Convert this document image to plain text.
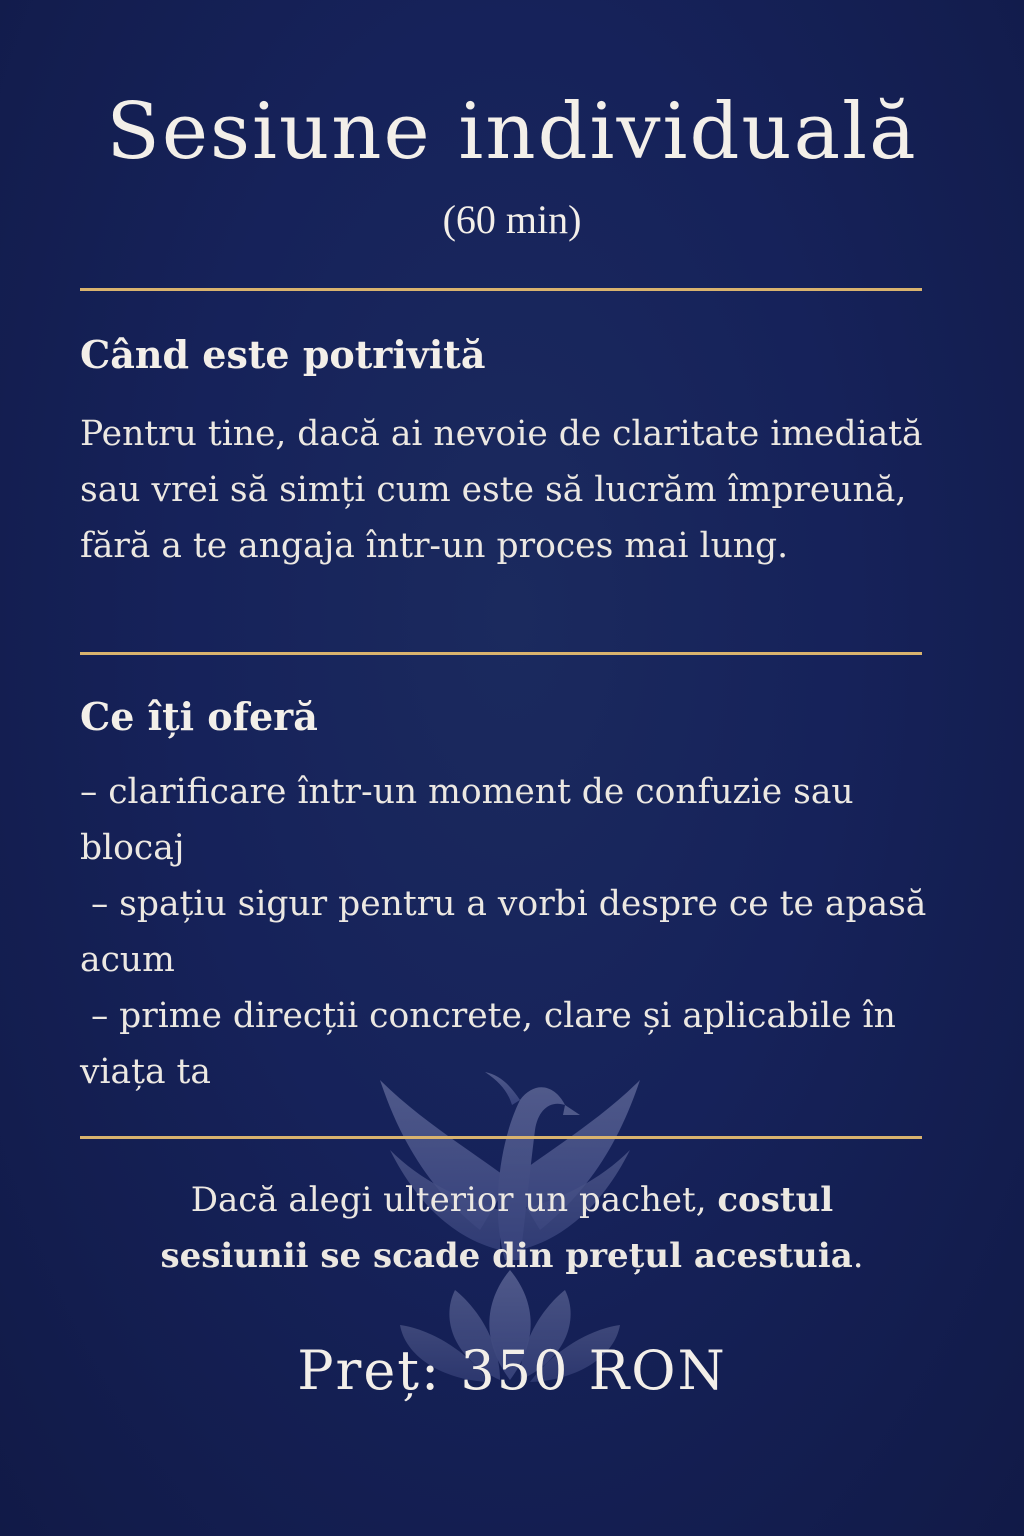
Sesiune individuală

(60 min)

Când este potrivită

Pentru tine, dacă ai nevoie de claritate imediată sau vrei să simți cum este să lucrăm împreună, fără a te angaja într-un proces mai lung.

Ce îți oferă
– clarificare într-un moment de confuzie sau blocaj
– spațiu sigur pentru a vorbi despre ce te apasă acum
– prime direcții concrete, clare și aplicabile în viața ta

Dacă alegi ulterior un pachet, costul sesiunii se scade din prețul acestuia.

Preț: 350 RON
